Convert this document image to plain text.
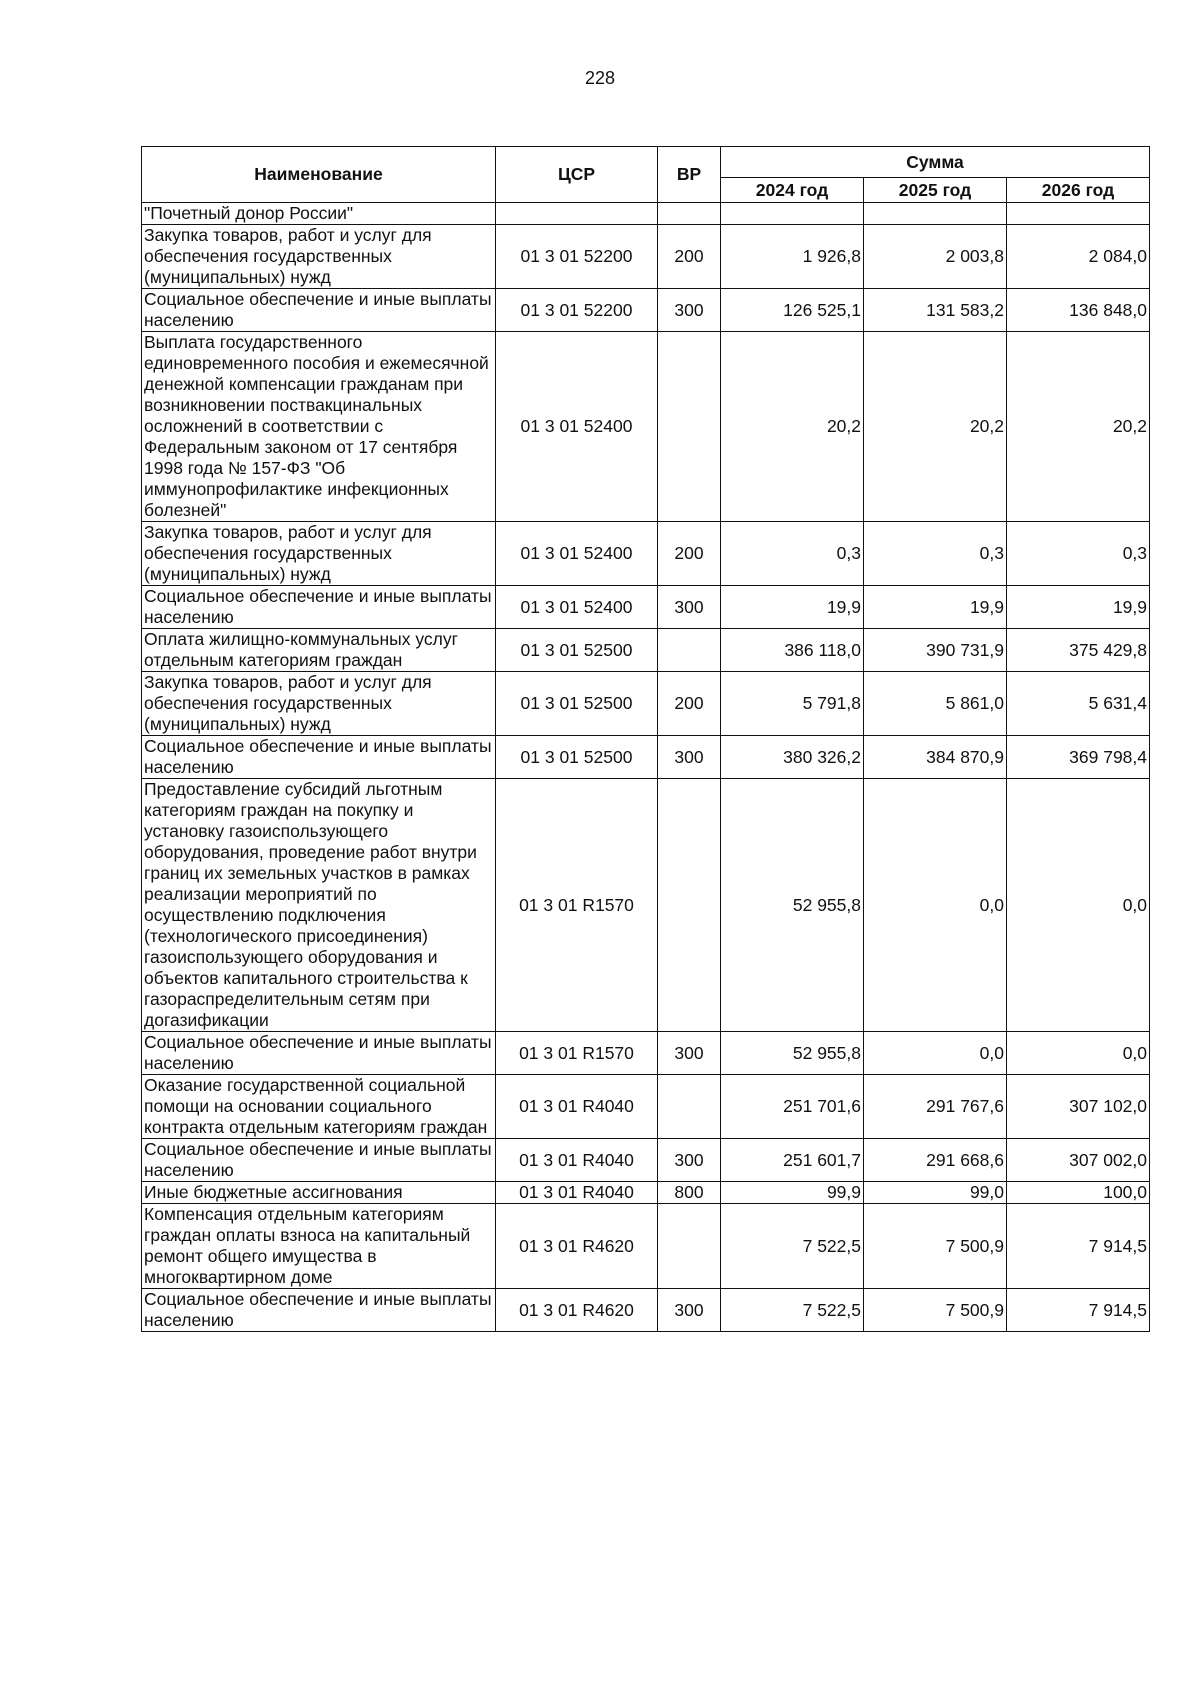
228
Наименование	ЦСР	ВР	Сумма		
			2024 год	2025 год	2026 год
"Почетный донор России"					
Закупка товаров, работ и услуг для обеспечения государственных (муниципальных) нужд	01 3 01 52200	200	1 926,8	2 003,8	2 084,0
Социальное обеспечение и иные выплаты населению	01 3 01 52200	300	126 525,1	131 583,2	136 848,0
Выплата государственного единовременного пособия и ежемесячной денежной компенсации гражданам при возникновении поствакцинальных осложнений в соответствии с Федеральным законом от 17 сентября 1998 года № 157-ФЗ "Об иммунопрофилактике инфекционных болезней"	01 3 01 52400		20,2	20,2	20,2
Закупка товаров, работ и услуг для обеспечения государственных (муниципальных) нужд	01 3 01 52400	200	0,3	0,3	0,3
Социальное обеспечение и иные выплаты населению	01 3 01 52400	300	19,9	19,9	19,9
Оплата жилищно-коммунальных услуг отдельным категориям граждан	01 3 01 52500		386 118,0	390 731,9	375 429,8
Закупка товаров, работ и услуг для обеспечения государственных (муниципальных) нужд	01 3 01 52500	200	5 791,8	5 861,0	5 631,4
Социальное обеспечение и иные выплаты населению	01 3 01 52500	300	380 326,2	384 870,9	369 798,4
Предоставление субсидий льготным категориям граждан на покупку и установку газоиспользующего оборудования, проведение работ внутри границ их земельных участков в рамках реализации мероприятий по осуществлению подключения (технологического присоединения) газоиспользующего оборудования и объектов капитального строительства к газораспределительным сетям при догазификации	01 3 01 R1570		52 955,8	0,0	0,0
Социальное обеспечение и иные выплаты населению	01 3 01 R1570	300	52 955,8	0,0	0,0
Оказание государственной социальной помощи на основании социального контракта отдельным категориям граждан	01 3 01 R4040		251 701,6	291 767,6	307 102,0
Социальное обеспечение и иные выплаты населению	01 3 01 R4040	300	251 601,7	291 668,6	307 002,0
Иные бюджетные ассигнования	01 3 01 R4040	800	99,9	99,0	100,0
Компенсация отдельным категориям граждан оплаты взноса на капитальный ремонт общего имущества в многоквартирном доме	01 3 01 R4620		7 522,5	7 500,9	7 914,5
Социальное обеспечение и иные выплаты населению	01 3 01 R4620	300	7 522,5	7 500,9	7 914,5
